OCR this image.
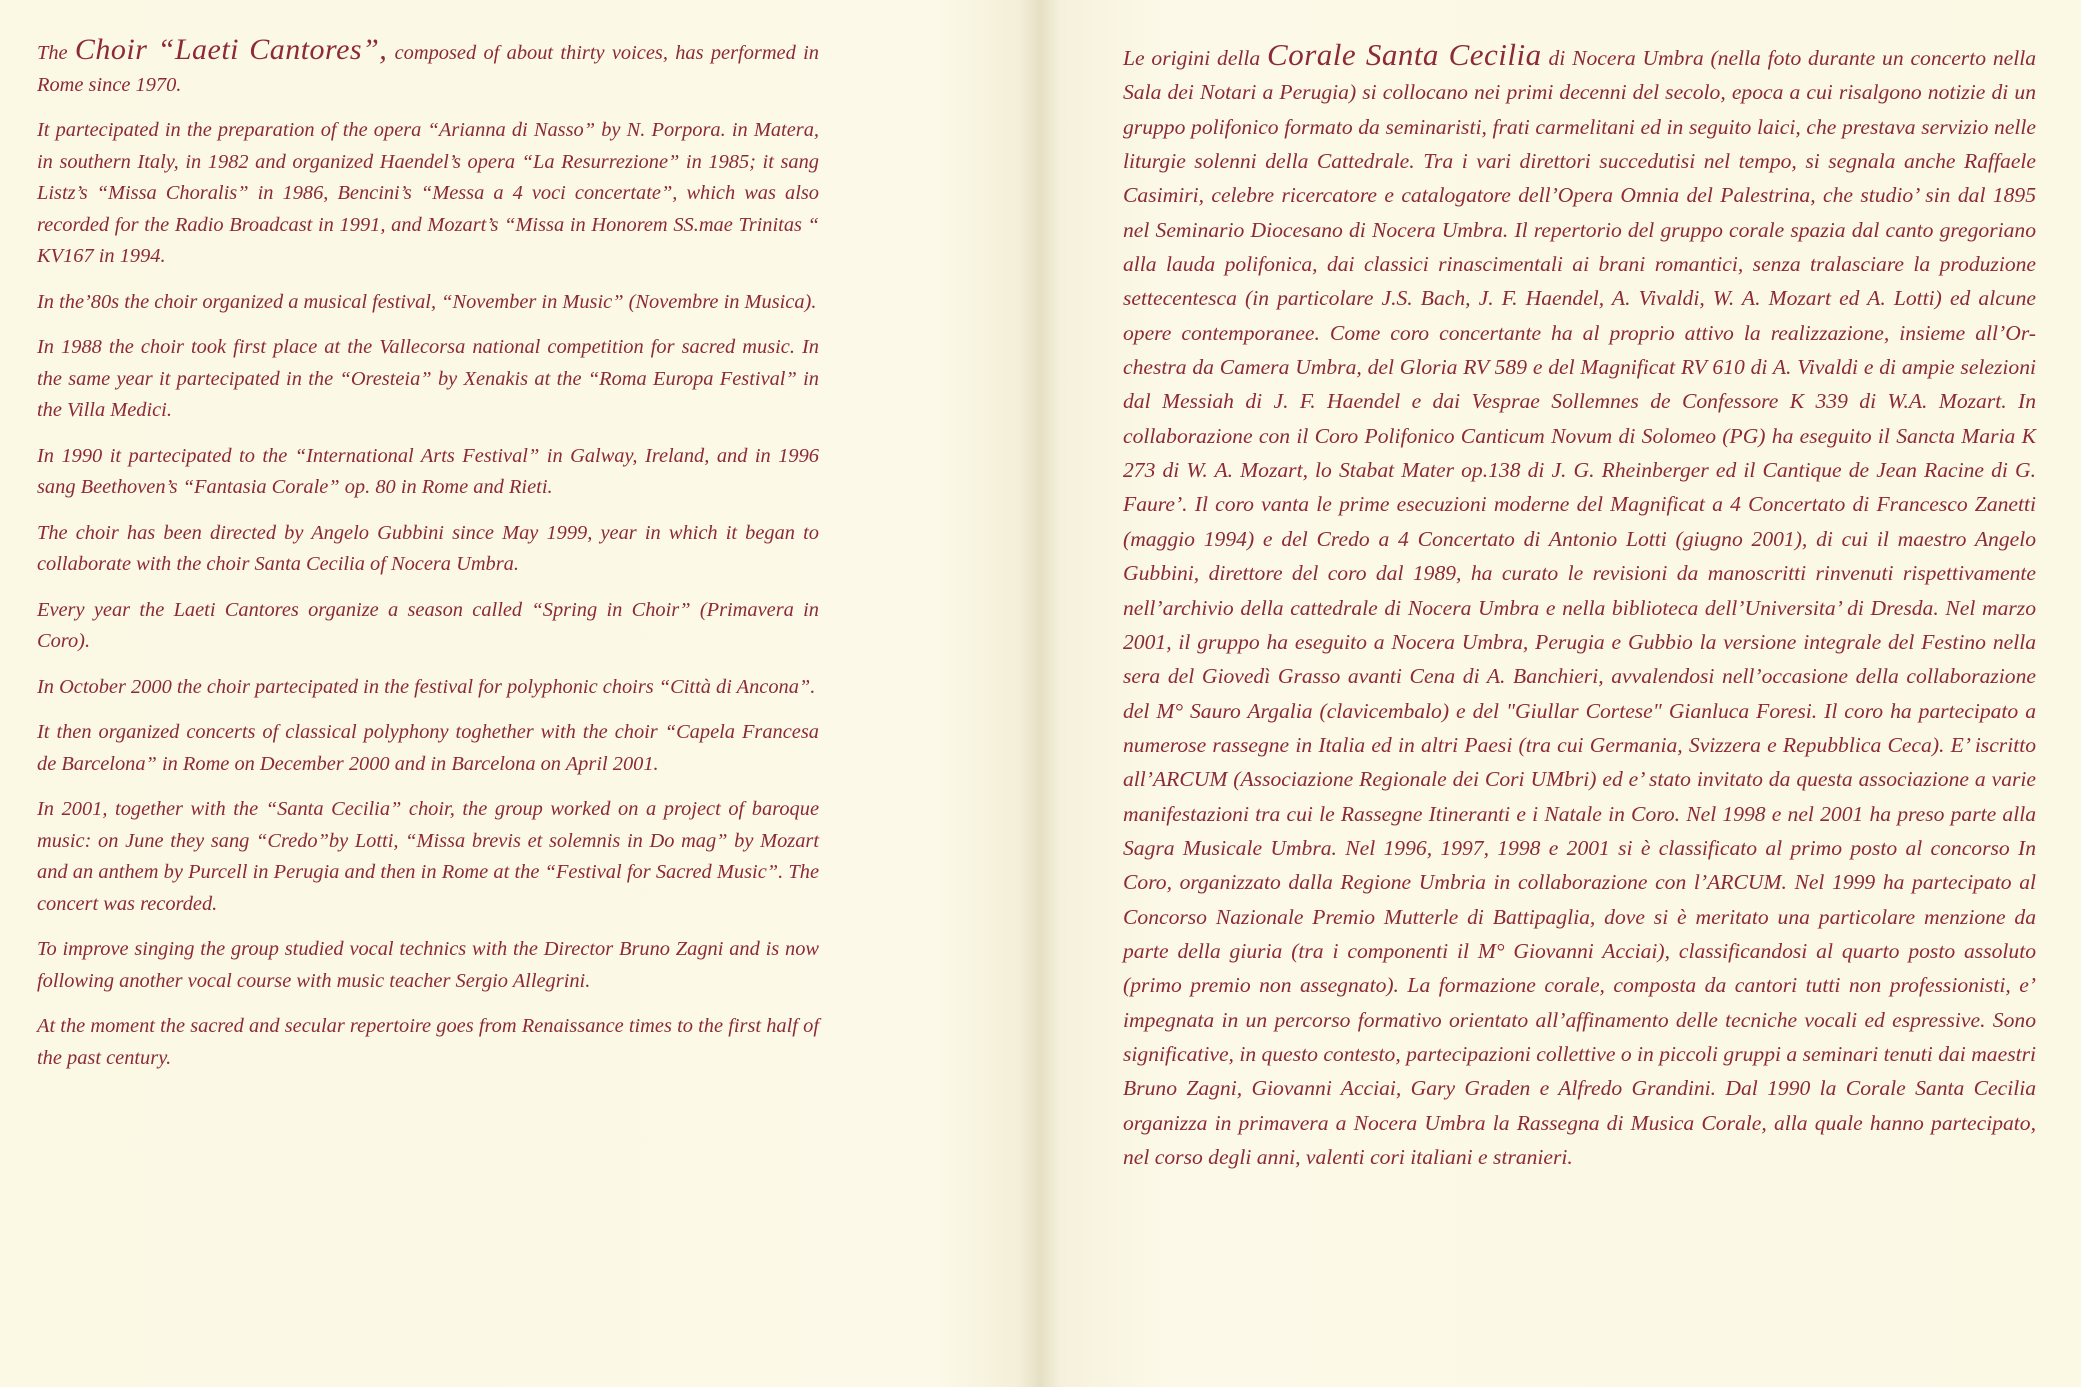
The Choir “Laeti Cantores”, composed of about thirty voices, has performed in Rome since 1970.

It partecipated in the preparation of the opera “Arianna di Nasso” by N. Porpora. in Matera, in southern Italy, in 1982 and organized Haendel’s opera “La Resurrezione” in 1985; it sang Listz’s “Missa Choralis” in 1986, Bencini’s “Messa a 4 voci concertate”, which was also recorded for the Radio Broadcast in 1991, and Mozart’s “Missa in Honorem SS.mae Trinitas “ KV167 in 1994.

In the’80s the choir organized a musical festival, “November in Music” (Novembre in Musica).

In 1988 the choir took first place at the Vallecorsa national competition for sacred music. In the same year it partecipated in the “Oresteia” by Xenakis at the “Roma Europa Festival” in the Villa Medici.

In 1990 it partecipated to the “International Arts Festival” in Galway, Ireland, and in 1996 sang Beethoven’s “Fantasia Corale” op. 80 in Rome and Rieti.

The choir has been directed by Angelo Gubbini since May 1999, year in which it began to collaborate with the choir Santa Cecilia of Nocera Umbra.

Every year the Laeti Cantores organize a season called “Spring in Choir” (Primavera in Coro).

In October 2000 the choir partecipated in the festival for polyphonic choirs “Città di Ancona”.

It then organized concerts of classical polyphony toghether with the choir “Capela Francesa de Barcelona” in Rome on December 2000 and in Barcelona on April 2001.

In 2001, together with the “Santa Cecilia” choir, the group worked on a project of baroque music: on June they sang “Credo”by Lotti, “Missa brevis et solemnis in Do mag” by Mozart and an anthem by Purcell in Perugia and then in Rome at the “Festival for Sacred Music”. The concert was recorded.

To improve singing the group studied vocal technics with the Director Bruno Zagni and is now following another vocal course with music teacher Sergio Allegrini.

At the moment the sacred and secular repertoire goes from Renaissance times to the first half of the past century.

Le origini della Corale Santa Cecilia di Nocera Umbra (nella foto durante un concerto nella Sala dei Notari a Perugia) si collocano nei primi decenni del secolo, epoca a cui risalgono notizie di un gruppo polifonico formato da seminaristi, frati carmelitani ed in seguito laici, che prestava servizio nelle liturgie solenni della Cattedrale. Tra i vari direttori succedutisi nel tempo, si segnala anche Raffaele Casimiri, celebre ricercatore e catalogatore dell’Opera Omnia del Palestrina, che studio’ sin dal 1895 nel Seminario Diocesano di Nocera Umbra. Il repertorio del gruppo corale spazia dal canto gregoriano alla lauda polifonica, dai classici rinascimentali ai brani romantici, senza tralasciare la produzione settecentesca (in particolare J.S. Bach, J. F. Haendel, A. Vivaldi, W. A. Mozart ed A. Lotti) ed alcune opere contemporanee. Come coro concertante ha al proprio attivo la realizzazione, insieme all’Or- chestra da Camera Umbra, del Gloria RV 589 e del Magnificat RV 610 di A. Vivaldi e di ampie selezioni dal Messiah di J. F. Haendel e dai Vesprae Sollemnes de Confessore K 339 di W.A. Mozart. In collaborazione con il Coro Polifonico Canticum Novum di Solomeo (PG) ha eseguito il Sancta Maria K 273 di W. A. Mozart, lo Stabat Mater op.138 di J. G. Rheinberger ed il Cantique de Jean Racine di G. Faure’. Il coro vanta le prime esecuzioni moderne del Magnificat a 4 Concertato di Francesco Zanetti (maggio 1994) e del Credo a 4 Concertato di Antonio Lotti (giugno 2001), di cui il maestro Angelo Gubbini, direttore del coro dal 1989, ha curato le revisioni da manoscritti rinvenuti rispettivamente nell’archivio della cattedrale di Nocera Umbra e nella biblioteca dell’Universita’ di Dresda. Nel marzo 2001, il gruppo ha eseguito a Nocera Umbra, Perugia e Gubbio la versione integrale del Festino nella sera del Giovedì Grasso avanti Cena di A. Banchieri, avvalendosi nell’occasione della collaborazione del M° Sauro Argalia (clavicembalo) e del "Giullar Cortese" Gianluca Foresi. Il coro ha partecipato a numerose rassegne in Italia ed in altri Paesi (tra cui Germania, Svizzera e Repubblica Ceca). E’ iscritto all’ARCUM (Associazione Regionale dei Cori UMbri) ed e’ stato invitato da questa associazione a varie manifestazioni tra cui le Rassegne Itineranti e i Natale in Coro. Nel 1998 e nel 2001 ha preso parte alla Sagra Musicale Umbra. Nel 1996, 1997, 1998 e 2001 si è classificato al primo posto al concorso In Coro, organizzato dalla Regione Umbria in collaborazione con l’ARCUM. Nel 1999 ha partecipato al Concorso Nazionale Premio Mutterle di Battipaglia, dove si è meritato una particolare menzione da parte della giuria (tra i componenti il M° Giovanni Acciai), classificandosi al quarto posto assoluto (primo premio non assegnato). La formazione corale, composta da cantori tutti non professionisti, e’ impegnata in un percorso formativo orientato all’affinamento delle tecniche vocali ed espressive. Sono significative, in questo contesto, partecipazioni collettive o in piccoli gruppi a seminari tenuti dai maestri Bruno Zagni, Giovanni Acciai, Gary Graden e Alfredo Grandini. Dal 1990 la Corale Santa Cecilia organizza in primavera a Nocera Umbra la Rassegna di Musica Corale, alla quale hanno partecipato, nel corso degli anni, valenti cori italiani e stranieri.
